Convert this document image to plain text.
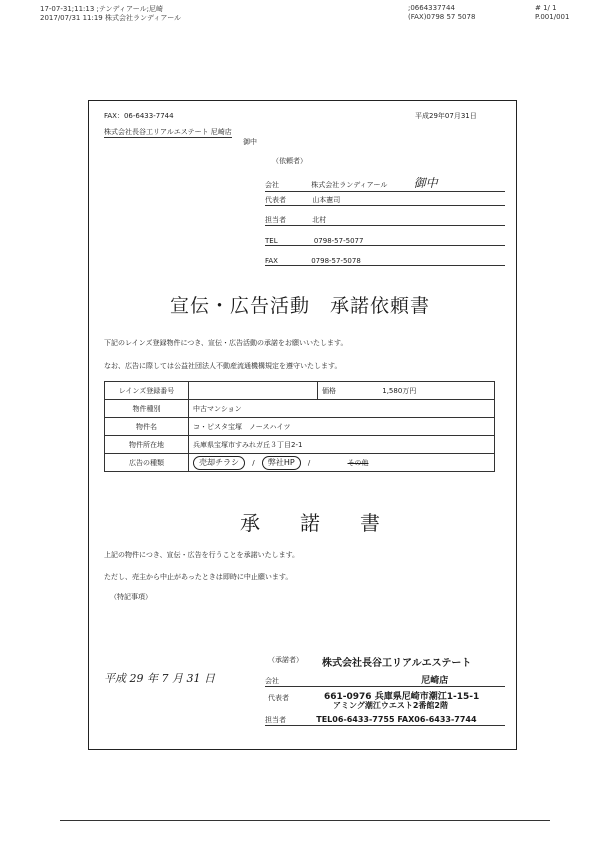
17-07-31;11:13 ;テンディアール;尼崎
2017/07/31 11:19 株式会社ランディアール
;0664337744
(FAX)0798 57 5078
# 1/ 1
P.001/001
FAX：06-6433-7744	平成29年07月31日
株式会社長谷工リアルエステート 尼崎店
御中
（依頼者）
会社	株式会社ランディアール 御中
代表者	山本憲司
担当者	北村
TEL	0798-57-5077
FAX	0798-57-5078
宣伝・広告活動　承諾依頼書
下記のレインズ登録物件につき、宣伝・広告活動の承諾をお願いいたします。
なお、広告に際しては公益社団法人不動産流通機構規定を遵守いたします。
レインズ登録番号		価格 1,580万円
物件種別	中古マンション	
物件名	コ・ピスタ宝塚　ノースハイツ	
物件所在地	兵庫県宝塚市すみれガ丘３丁目2-1	
広告の種類	売却チラシ / 弊社HP / その他	
承　　諾　　書
上記の物件につき、宣伝・広告を行うことを承諾いたします。
ただし、売主から中止があったときは即時に中止願います。
（特記事項）
平成 29 年 7 月 31 日
（承諾者） 株式会社長谷工リアルエステート
会社	尼崎店
代表者	661-0976 兵庫県尼崎市潮江1-15-1
アミング潮江ウエスト2番館2階
担当者	TEL06-6433-7755 FAX06-6433-7744
